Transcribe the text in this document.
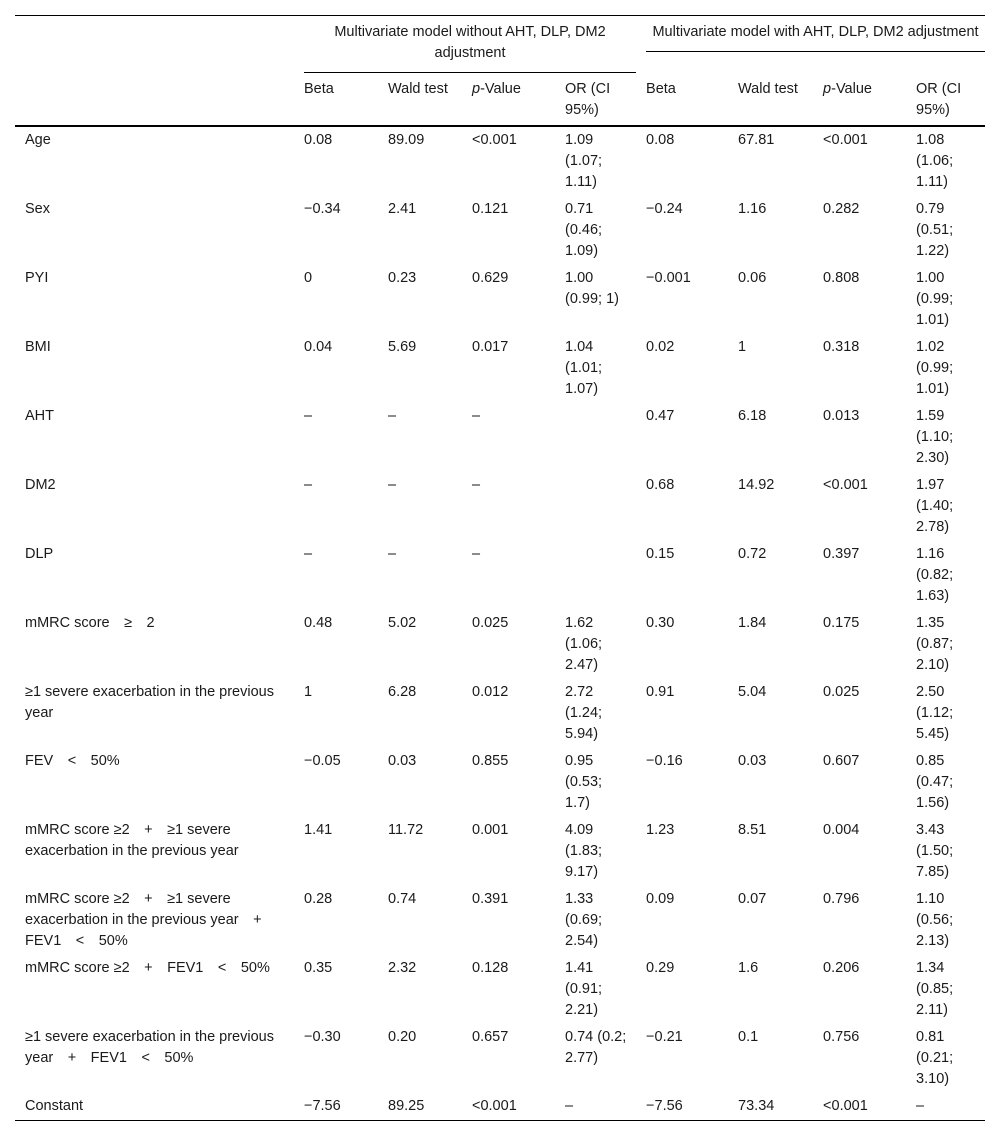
	Multivariate model without AHT, DLP, DM2 adjustment				Multivariate model with AHT, DLP, DM2 adjustment			

	Beta	Wald test	p-Value	OR (CI 95%)	Beta	Wald test	p-Value	OR (CI 95%)
Age	0.08	89.09	<0.001	1.09 (1.07; 1.11)	0.08	67.81	<0.001	1.08 (1.06; 1.11)
Sex	−0.34	2.41	0.121	0.71 (0.46; 1.09)	−0.24	1.16	0.282	0.79 (0.51; 1.22)
PYI	0	0.23	0.629	1.00 (0.99; 1)	−0.001	0.06	0.808	1.00 (0.99; 1.01)
BMI	0.04	5.69	0.017	1.04 (1.01; 1.07)	0.02	1	0.318	1.02 (0.99; 1.01)
AHT	–	–	–		0.47	6.18	0.013	1.59 (1.10; 2.30)
DM2	–	–	–		0.68	14.92	<0.001	1.97 (1.40; 2.78)
DLP	–	–	–		0.15	0.72	0.397	1.16 (0.82; 1.63)
mMRC score  ≥  2	0.48	5.02	0.025	1.62 (1.06; 2.47)	0.30	1.84	0.175	1.35 (0.87; 2.10)
≥1 severe exacerbation in the previous year	1	6.28	0.012	2.72 (1.24; 5.94)	0.91	5.04	0.025	2.50 (1.12; 5.45)
FEV  <  50%	−0.05	0.03	0.855	0.95 (0.53; 1.7)	−0.16	0.03	0.607	0.85 (0.47; 1.56)
mMRC score ≥2  +  ≥1 severe exacerbation in the previous year	1.41	11.72	0.001	4.09 (1.83; 9.17)	1.23	8.51	0.004	3.43 (1.50; 7.85)
mMRC score ≥2  +  ≥1 severe exacerbation in the previous year  +  FEV1  <  50%	0.28	0.74	0.391	1.33 (0.69; 2.54)	0.09	0.07	0.796	1.10 (0.56; 2.13)
mMRC score ≥2  +  FEV1  <  50%	0.35	2.32	0.128	1.41 (0.91; 2.21)	0.29	1.6	0.206	1.34 (0.85; 2.11)
≥1 severe exacerbation in the previous year  +  FEV1  <  50%	−0.30	0.20	0.657	0.74 (0.2; 2.77)	−0.21	0.1	0.756	0.81 (0.21; 3.10)
Constant	−7.56	89.25	<0.001	–	−7.56	73.34	<0.001	–
